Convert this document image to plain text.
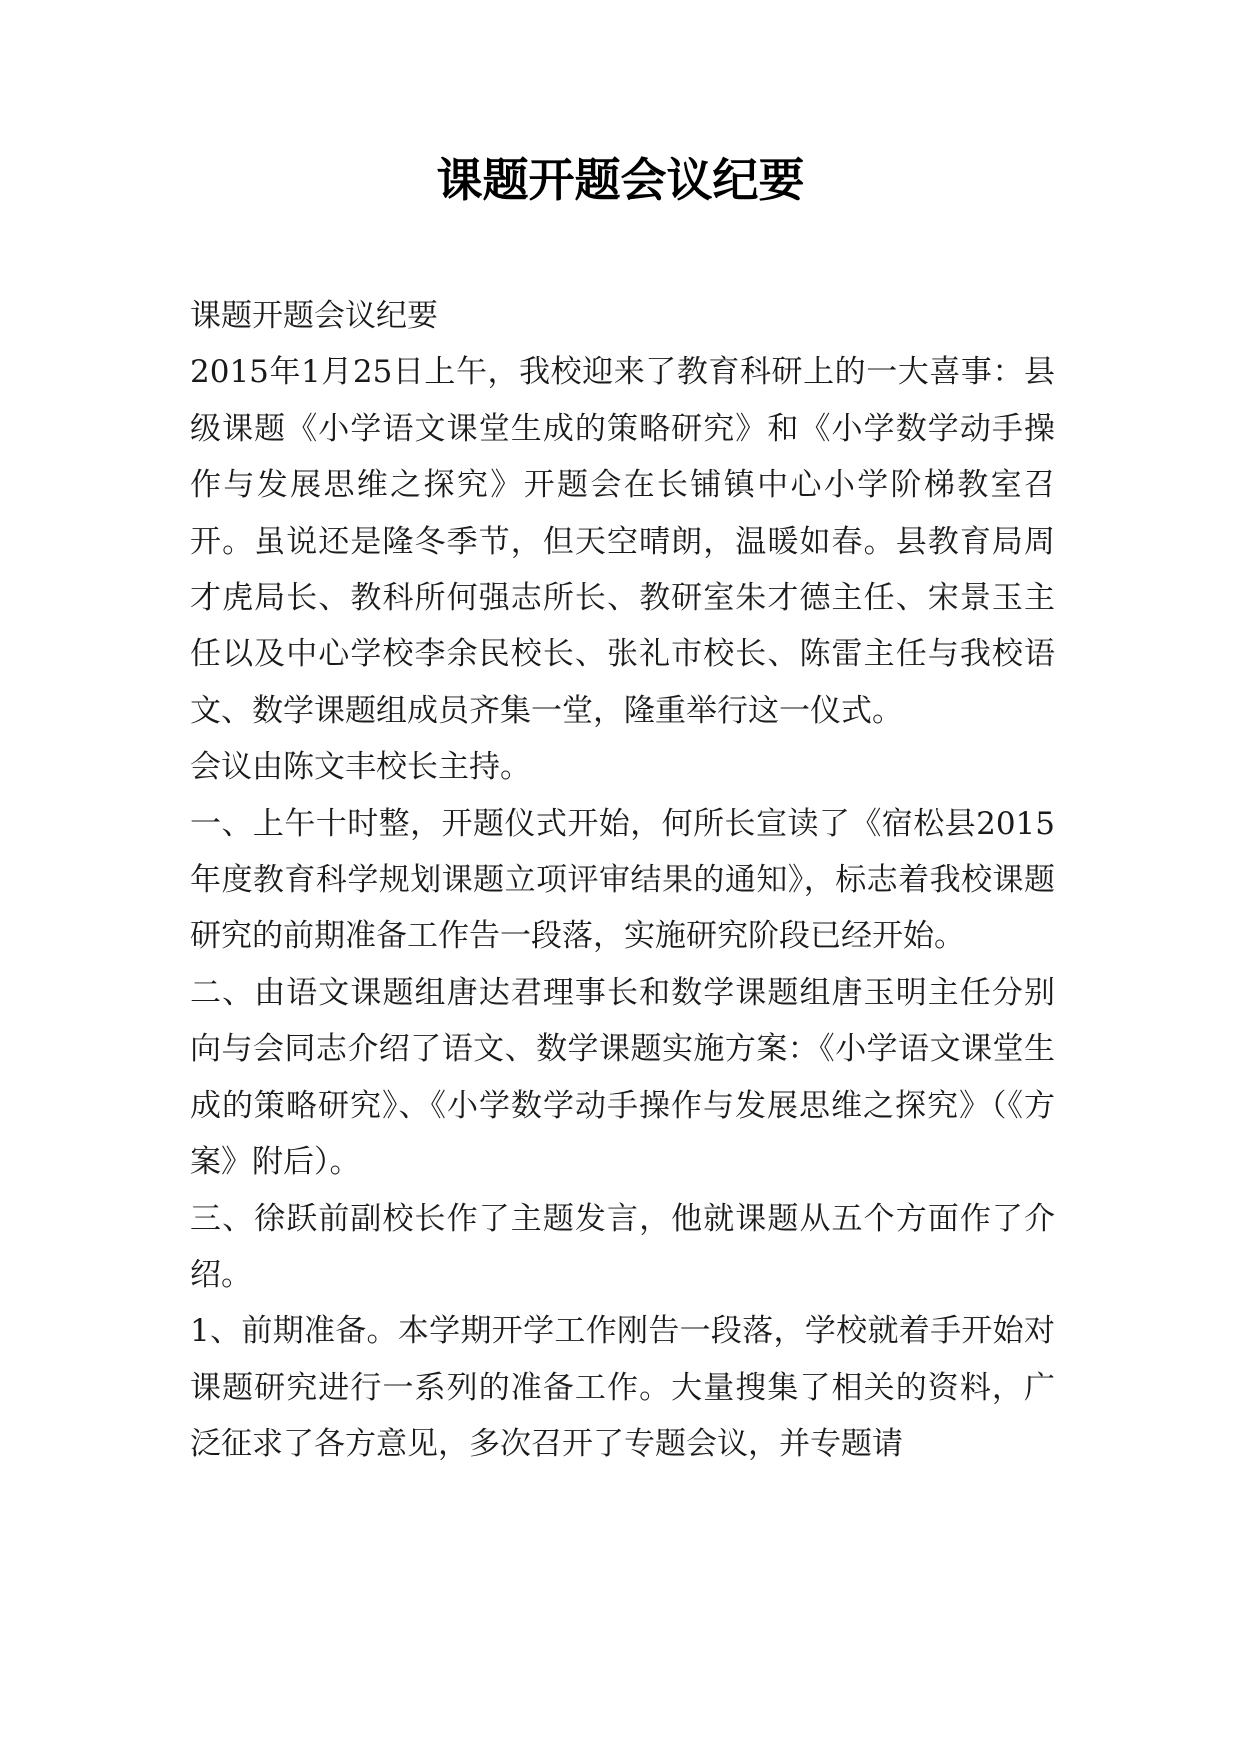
课题开题会议纪要

课题开题会议纪要

2015年1月25日上午，我校迎来了教育科研上的一大喜事：县级课题《小学语文课堂生成的策略研究》和《小学数学动手操作与发展思维之探究》开题会在长铺镇中心小学阶梯教室召开。虽说还是隆冬季节，但天空晴朗，温暖如春。县教育局周才虎局长、教科所何强志所长、教研室朱才德主任、宋景玉主任以及中心学校李余民校长、张礼市校长、陈雷主任与我校语文、数学课题组成员齐集一堂，隆重举行这一仪式。

会议由陈文丰校长主持。

一、上午十时整，开题仪式开始，何所长宣读了《宿松县2015年度教育科学规划课题立项评审结果的通知》，标志着我校课题研究的前期准备工作告一段落，实施研究阶段已经开始。

二、由语文课题组唐达君理事长和数学课题组唐玉明主任分别向与会同志介绍了语文、数学课题实施方案：《小学语文课堂生成的策略研究》、《小学数学动手操作与发展思维之探究》（《方案》附后）。

三、徐跃前副校长作了主题发言，他就课题从五个方面作了介绍。

1、前期准备。本学期开学工作刚告一段落，学校就着手开始对课题研究进行一系列的准备工作。大量搜集了相关的资料，广泛征求了各方意见，多次召开了专题会议，并专题请
